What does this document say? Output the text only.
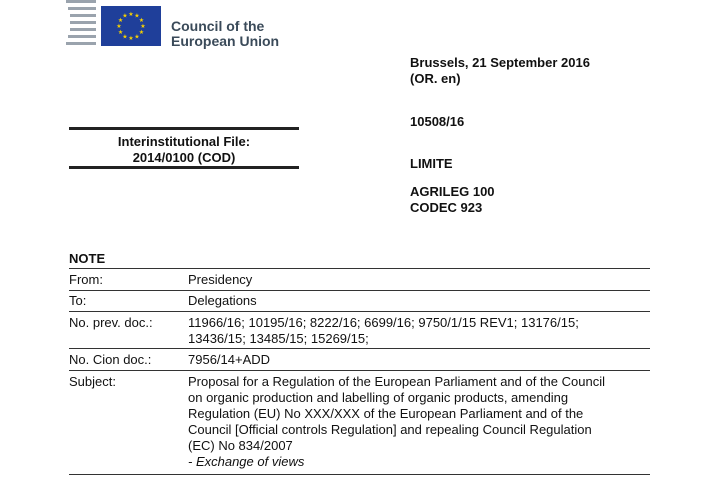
★ ★
★
★
★
★
★
★
★
★
★
★
Council of the
European Union
Brussels, 21 September 2016
(OR. en)
10508/16
LIMITE
AGRILEG 100
CODEC 923
Interinstitutional File:
2014/0100 (COD)
NOTE
From:	Presidency
To:	Delegations
No. prev. doc.:	11966/16; 10195/16; 8222/16; 6699/16; 9750/1/15 REV1; 13176/15;
13436/15; 13485/15; 15269/15;
No. Cion doc.:	7956/14+ADD
Subject:	Proposal for a Regulation of the European Parliament and of the Council
on organic production and labelling of organic products, amending
Regulation (EU) No XXX/XXX of the European Parliament and of the
Council [Official controls Regulation] and repealing Council Regulation
(EC) No 834/2007
- Exchange of views
